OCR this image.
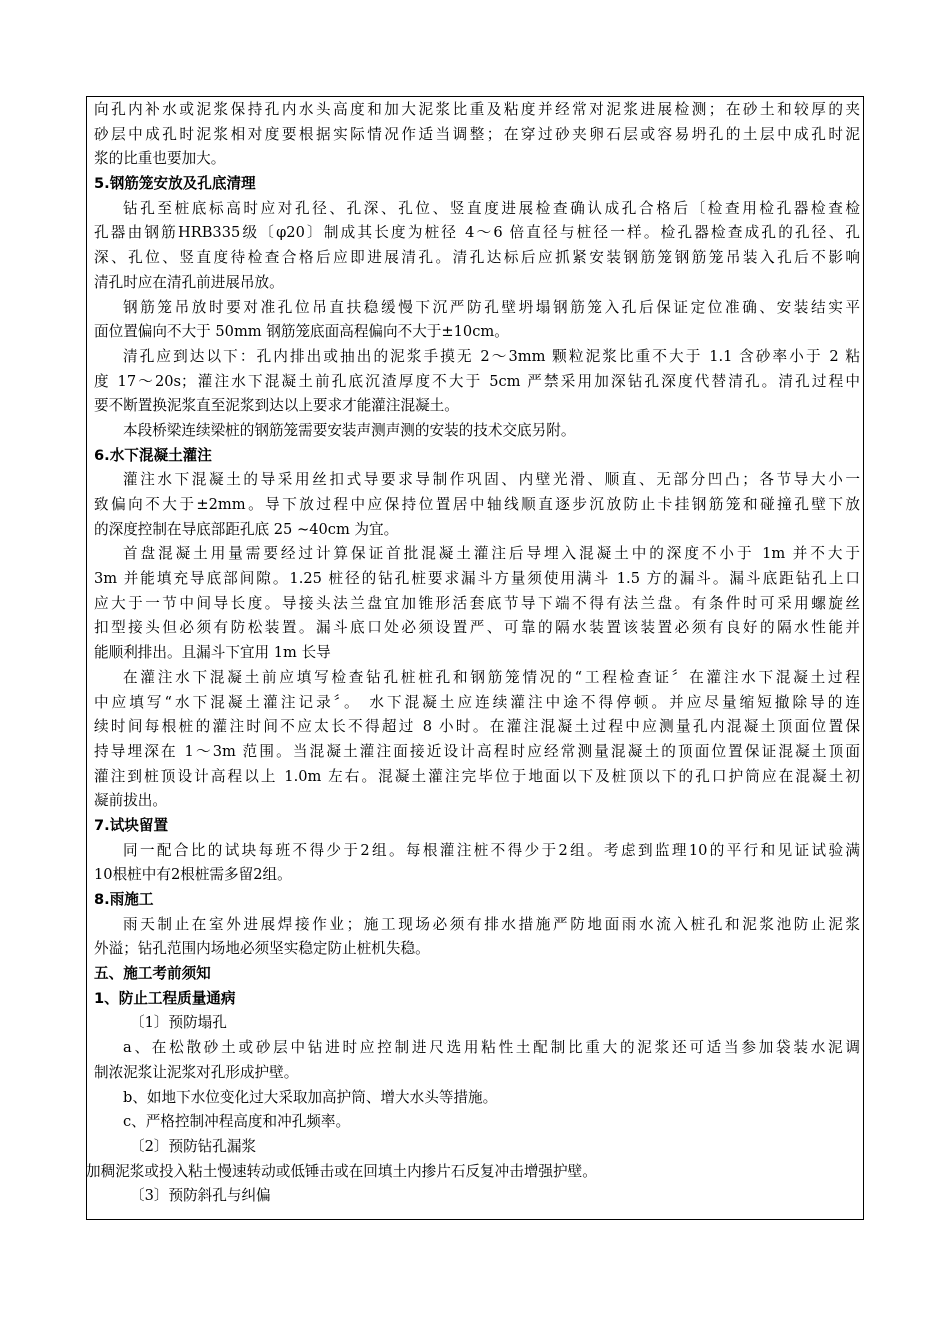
向孔内补水或泥浆保持孔内水头高度和加大泥浆比重及粘度并经常对泥浆进展检测；在砂土和较厚的夹
砂层中成孔时泥浆相对度要根据实际情况作适当调整；在穿过砂夹卵石层或容易坍孔的土层中成孔时泥
浆的比重也要加大。
5.钢筋笼安放及孔底清理
钻孔至桩底标高时应对孔径、孔深、孔位、竖直度进展检查确认成孔合格后〔检查用检孔器检查检
孔器由钢筋HRB335级〔φ20〕制成其长度为桩径 4～6 倍直径与桩径一样。检孔器检查成孔的孔径、孔
深、孔位、竖直度待检查合格后应即进展清孔。清孔达标后应抓紧安装钢筋笼钢筋笼吊装入孔后不影响
清孔时应在清孔前进展吊放。
钢筋笼吊放时要对准孔位吊直扶稳缓慢下沉严防孔壁坍塌钢筋笼入孔后保证定位准确、安装结实平
面位置偏向不大于 50mm 钢筋笼底面高程偏向不大于±10cm。
清孔应到达以下：孔内排出或抽出的泥浆手摸无 2～3mm 颗粒泥浆比重不大于 1.1 含砂率小于 2 粘
度 17～20s；灌注水下混凝土前孔底沉渣厚度不大于 5cm 严禁采用加深钻孔深度代替清孔。清孔过程中
要不断置换泥浆直至泥浆到达以上要求才能灌注混凝土。
本段桥梁连续梁桩的钢筋笼需要安装声测声测的安装的技术交底另附。
6.水下混凝土灌注
灌注水下混凝土的导采用丝扣式导要求导制作巩固、内壁光滑、顺直、无部分凹凸；各节导大小一
致偏向不大于±2mm。导下放过程中应保持位置居中轴线顺直逐步沉放防止卡挂钢筋笼和碰撞孔壁下放
的深度控制在导底部距孔底 25 ~40cm 为宜。
首盘混凝土用量需要经过计算保证首批混凝土灌注后导埋入混凝土中的深度不小于 1m 并不大于
3m 并能填充导底部间隙。1.25 桩径的钻孔桩要求漏斗方量须使用满斗 1.5 方的漏斗。漏斗底距钻孔上口
应大于一节中间导长度。导接头法兰盘宜加锥形活套底节导下端不得有法兰盘。有条件时可采用螺旋丝
扣型接头但必须有防松装置。漏斗底口处必须设置严、可靠的隔水装置该装置必须有良好的隔水性能并
能顺利排出。且漏斗下宜用 1m 长导
在灌注水下混凝土前应填写检查钻孔桩桩孔和钢筋笼情况的“工程检查证〞在灌注水下混凝土过程
中应填写“水下混凝土灌注记录〞。 水下混凝土应连续灌注中途不得停顿。并应尽量缩短撤除导的连
续时间每根桩的灌注时间不应太长不得超过 8 小时。在灌注混凝土过程中应测量孔内混凝土顶面位置保
持导埋深在 1～3m 范围。当混凝土灌注面接近设计高程时应经常测量混凝土的顶面位置保证混凝土顶面
灌注到桩顶设计高程以上 1.0m 左右。混凝土灌注完毕位于地面以下及桩顶以下的孔口护筒应在混凝土初
凝前拔出。
7.试块留置
同一配合比的试块每班不得少于2组。每根灌注桩不得少于2组。考虑到监理10的平行和见证试验满
10根桩中有2根桩需多留2组。
8.雨施工
雨天制止在室外进展焊接作业；施工现场必须有排水措施严防地面雨水流入桩孔和泥浆池防止泥浆
外溢；钻孔范围内场地必须坚实稳定防止桩机失稳。
五、施工考前须知
1、防止工程质量通病
〔1〕预防塌孔
a、在松散砂土或砂层中钻进时应控制进尺选用粘性土配制比重大的泥浆还可适当参加袋装水泥调
制浓泥浆让泥浆对孔形成护壁。
b、如地下水位变化过大采取加高护筒、增大水头等措施。
c、严格控制冲程高度和冲孔频率。
〔2〕预防钻孔漏浆
加稠泥浆或投入粘土慢速转动或低锤击或在回填土内掺片石反复冲击增强护壁。
〔3〕预防斜孔与纠偏
